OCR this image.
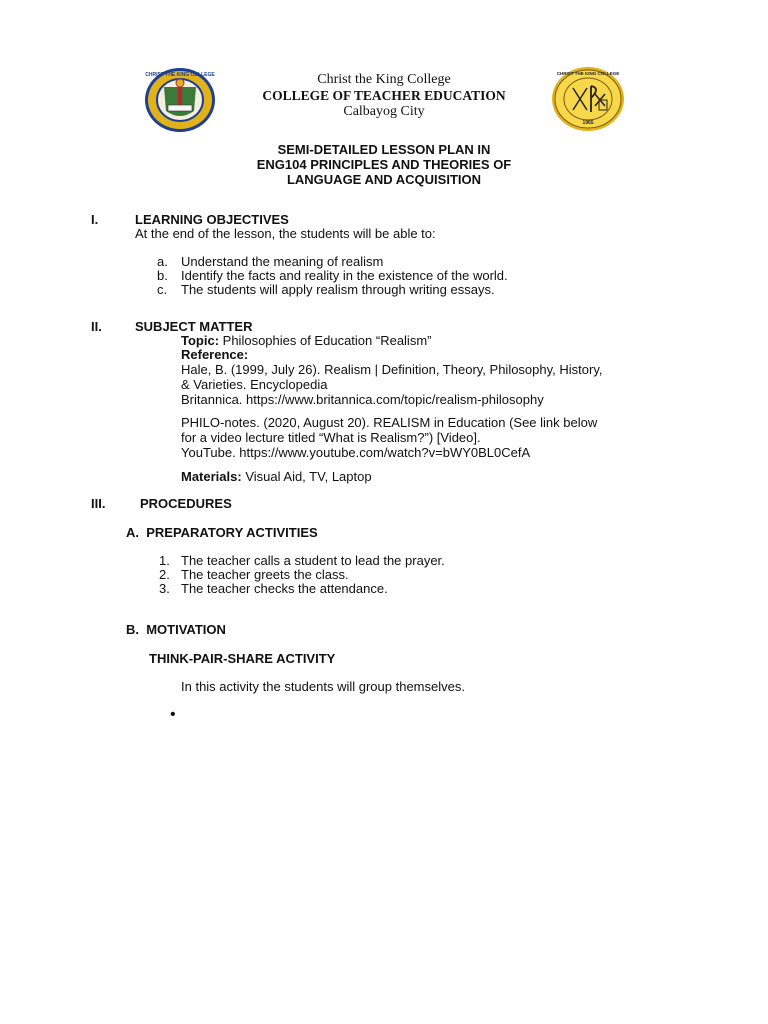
CHRIST THE KING COLLEGE	Christ the King College
COLLEGE OF TEACHER EDUCATION
Calbayog City
CHRIST THE KING COLLEGE
1965
SEMI-DETAILED LESSON PLAN IN
ENG104 PRINCIPLES AND THEORIES OF
LANGUAGE AND ACQUISITION
I.	LEARNING OBJECTIVES
At the end of the lesson, the students will be able to:
a. Understand the meaning of realism
b. Identify the facts and reality in the existence of the world.
c. The students will apply realism through writing essays.
II.	SUBJECT MATTER
Topic: Philosophies of Education “Realism”
Reference:
Hale, B. (1999, July 26). Realism | Definition, Theory, Philosophy, History,
& Varieties. Encyclopedia
Britannica. https://www.britannica.com/topic/realism-philosophy
PHILO-notes. (2020, August 20). REALISM in Education (See link below
for a video lecture titled “What is Realism?”) [Video].
YouTube. https://www.youtube.com/watch?v=bWY0BL0CefA
Materials: Visual Aid, TV, Laptop
III.	PROCEDURES
A.  PREPARATORY ACTIVITIES
1. The teacher calls a student to lead the prayer.
2. The teacher greets the class.
3. The teacher checks the attendance.
B.  MOTIVATION
THINK-PAIR-SHARE ACTIVITY
In this activity the students will group themselves.
•
